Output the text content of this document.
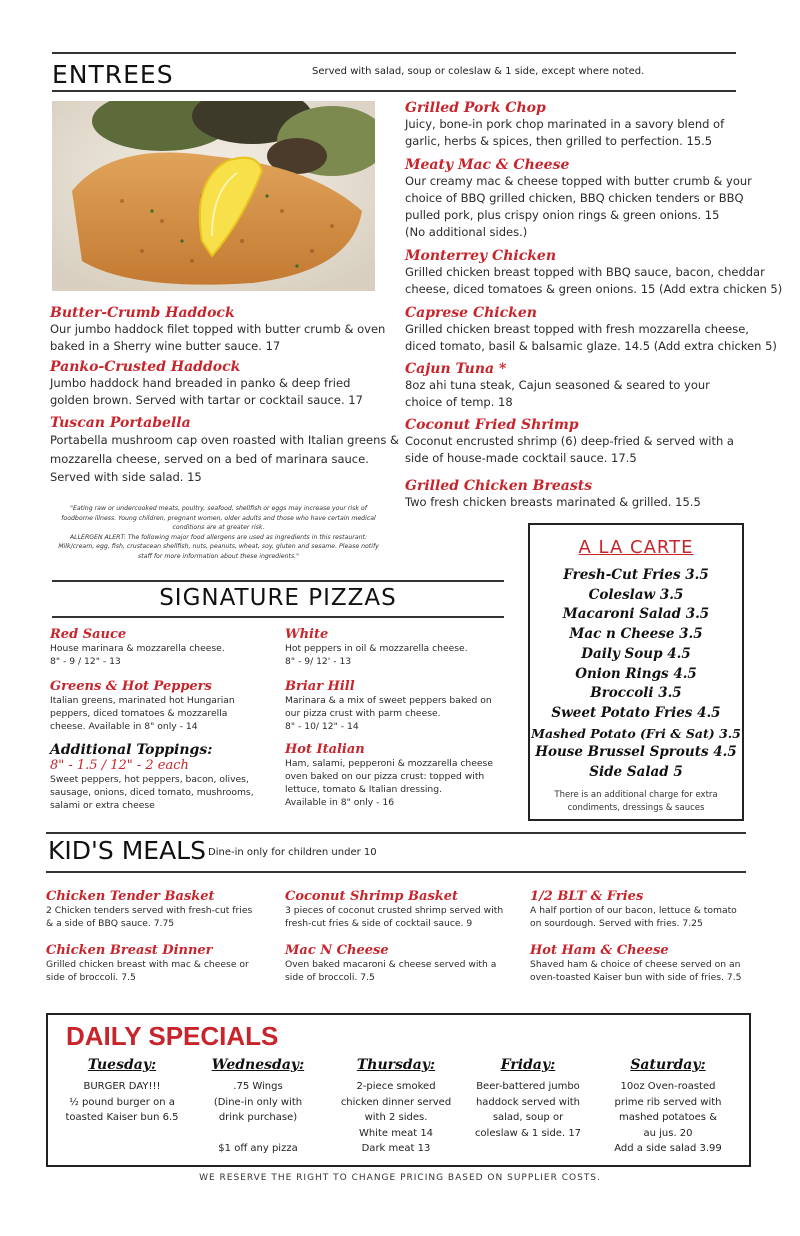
ENTREES	Served with salad, soup or coleslaw & 1 side, except where noted.
Butter-Crumb Haddock
Our jumbo haddock filet topped with butter crumb & oven
baked in a Sherry wine butter sauce. 17
Panko-Crusted Haddock
Jumbo haddock hand breaded in panko & deep fried
golden brown. Served with tartar or cocktail sauce. 17
Tuscan Portabella
Portabella mushroom cap oven roasted with Italian greens &
mozzarella cheese, served on a bed of marinara sauce.
Served with side salad. 15
Grilled Pork Chop
Juicy, bone-in pork chop marinated in a savory blend of
garlic, herbs & spices, then grilled to perfection. 15.5
Meaty Mac & Cheese
Our creamy mac & cheese topped with butter crumb & your
choice of BBQ grilled chicken, BBQ chicken tenders or BBQ
pulled pork, plus crispy onion rings & green onions. 15
(No additional sides.)
Monterrey Chicken
Grilled chicken breast topped with BBQ sauce, bacon, cheddar
cheese, diced tomatoes & green onions. 15 (Add extra chicken 5)
Caprese Chicken
Grilled chicken breast topped with fresh mozzarella cheese,
diced tomato, basil & balsamic glaze. 14.5 (Add extra chicken 5)
Cajun Tuna *
8oz ahi tuna steak, Cajun seasoned & seared to your
choice of temp. 18
Coconut Fried Shrimp
Coconut encrusted shrimp (6) deep-fried & served with a
side of house-made cocktail sauce. 17.5
Grilled Chicken Breasts
Two fresh chicken breasts marinated & grilled. 15.5
"Eating raw or undercooked meats, poultry, seafood, shellfish or eggs may increase your risk of foodborne illness. Young children, pregnant women, older adults and those who have certain medical conditions are at greater risk.
ALLERGEN ALERT: The following major food allergens are used as ingredients in this restaurant: Milk/cream, egg, fish, crustacean shellfish, nuts, peanuts, wheat, soy, gluten and sesame. Please notify staff for more information about these ingredients."
SIGNATURE PIZZAS
Red Sauce
House marinara & mozzarella cheese.
8" - 9 / 12" - 13
Greens & Hot Peppers
Italian greens, marinated hot Hungarian
peppers, diced tomatoes & mozzarella
cheese. Available in 8" only - 14
Additional Toppings:
8" - 1.5 / 12" - 2 each
Sweet peppers, hot peppers, bacon, olives,
sausage, onions, diced tomato, mushrooms,
salami or extra cheese
White
Hot peppers in oil & mozzarella cheese.
8" - 9/ 12' - 13
Briar Hill
Marinara & a mix of sweet peppers baked on
our pizza crust with parm cheese.
8" - 10/ 12" - 14
Hot Italian
Ham, salami, pepperoni & mozzarella cheese
oven baked on our pizza crust: topped with
lettuce, tomato & Italian dressing.
Available in 8" only - 16
A LA CARTE
Fresh-Cut Fries 3.5
Coleslaw 3.5
Macaroni Salad 3.5
Mac n Cheese 3.5
Daily Soup 4.5
Onion Rings 4.5
Broccoli 3.5
Sweet Potato Fries 4.5
Mashed Potato (Fri & Sat) 3.5
House Brussel Sprouts 4.5
Side Salad 5
There is an additional charge for extra
condiments, dressings & sauces
KID'S MEALS Dine-in only for children under 10
Chicken Tender Basket
2 Chicken tenders served with fresh-cut fries
& a side of BBQ sauce. 7.75
Chicken Breast Dinner
Grilled chicken breast with mac & cheese or
side of broccoli. 7.5
Coconut Shrimp Basket
3 pieces of coconut crusted shrimp served with
fresh-cut fries & side of cocktail sauce. 9
Mac N Cheese
Oven baked macaroni & cheese served with a
side of broccoli. 7.5
1/2 BLT & Fries
A half portion of our bacon, lettuce & tomato
on sourdough. Served with fries. 7.25
Hot Ham & Cheese
Shaved ham & choice of cheese served on an
oven-toasted Kaiser bun with side of fries. 7.5
DAILY SPECIALS
Tuesday:
BURGER DAY!!!
½ pound burger on a
toasted Kaiser bun 6.5
Wednesday:
.75 Wings
(Dine-in only with
drink purchase)

$1 off any pizza
Thursday:
2-piece smoked
chicken dinner served
with 2 sides.
White meat 14
Dark meat 13
Friday:
Beer-battered jumbo
haddock served with
salad, soup or
coleslaw & 1 side. 17
Saturday:
10oz Oven-roasted
prime rib served with
mashed potatoes &
au jus. 20
Add a side salad 3.99
WE RESERVE THE RIGHT TO CHANGE PRICING BASED ON SUPPLIER COSTS.
